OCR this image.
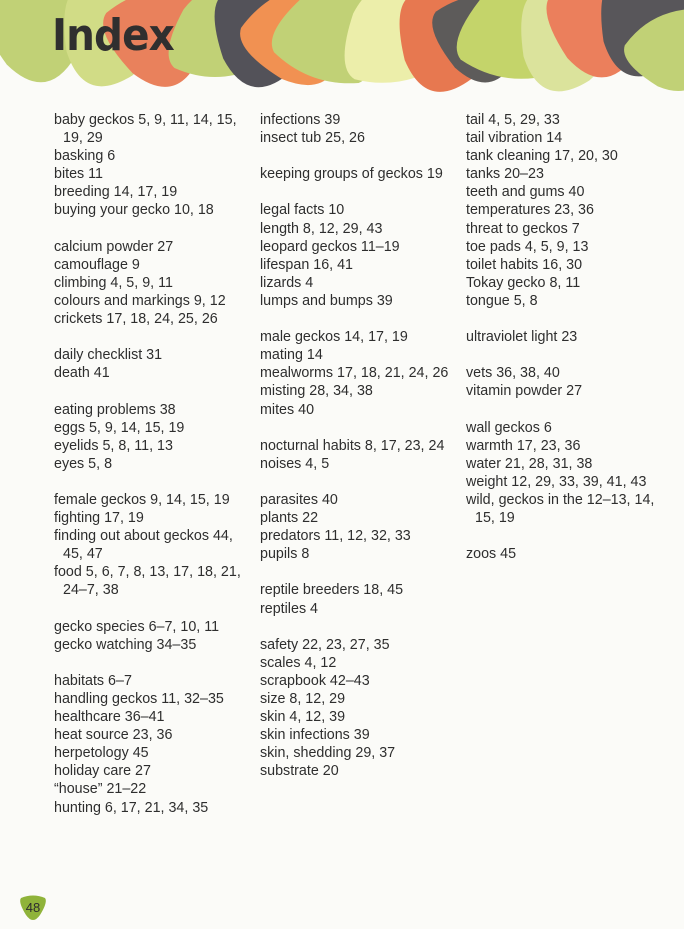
Index
baby geckos 5, 9, 11, 14, 15, 19, 29
basking 6
bites 11
breeding 14, 17, 19
buying your gecko 10, 18
calcium powder 27
camouflage 9
climbing 4, 5, 9, 11
colours and markings 9, 12
crickets 17, 18, 24, 25, 26
daily checklist 31
death 41
eating problems 38
eggs 5, 9, 14, 15, 19
eyelids 5, 8, 11, 13
eyes 5, 8
female geckos 9, 14, 15, 19
fighting 17, 19
finding out about geckos 44, 45, 47
food 5, 6, 7, 8, 13, 17, 18, 21, 24–7, 38
gecko species 6–7, 10, 11
gecko watching 34–35
habitats 6–7
handling geckos 11, 32–35
healthcare 36–41
heat source 23, 36
herpetology 45
holiday care 27
“house” 21–22
hunting 6, 17, 21, 34, 35
infections 39
insect tub 25, 26
keeping groups of geckos 19
legal facts 10
length 8, 12, 29, 43
leopard geckos 11–19
lifespan 16, 41
lizards 4
lumps and bumps 39
male geckos 14, 17, 19
mating 14
mealworms 17, 18, 21, 24, 26
misting 28, 34, 38
mites 40
nocturnal habits 8, 17, 23, 24
noises 4, 5
parasites 40
plants 22
predators 11, 12, 32, 33
pupils 8
reptile breeders 18, 45
reptiles 4
safety 22, 23, 27, 35
scales 4, 12
scrapbook 42–43
size 8, 12, 29
skin 4, 12, 39
skin infections 39
skin, shedding 29, 37
substrate 20
tail 4, 5, 29, 33
tail vibration 14
tank cleaning 17, 20, 30
tanks 20–23
teeth and gums 40
temperatures 23, 36
threat to geckos 7
toe pads 4, 5, 9, 13
toilet habits 16, 30
Tokay gecko 8, 11
tongue 5, 8
ultraviolet light 23
vets 36, 38, 40
vitamin powder 27
wall geckos 6
warmth 17, 23, 36
water 21, 28, 31, 38
weight 12, 29, 33, 39, 41, 43
wild, geckos in the 12–13, 14, 15, 19
zoos 45
48
